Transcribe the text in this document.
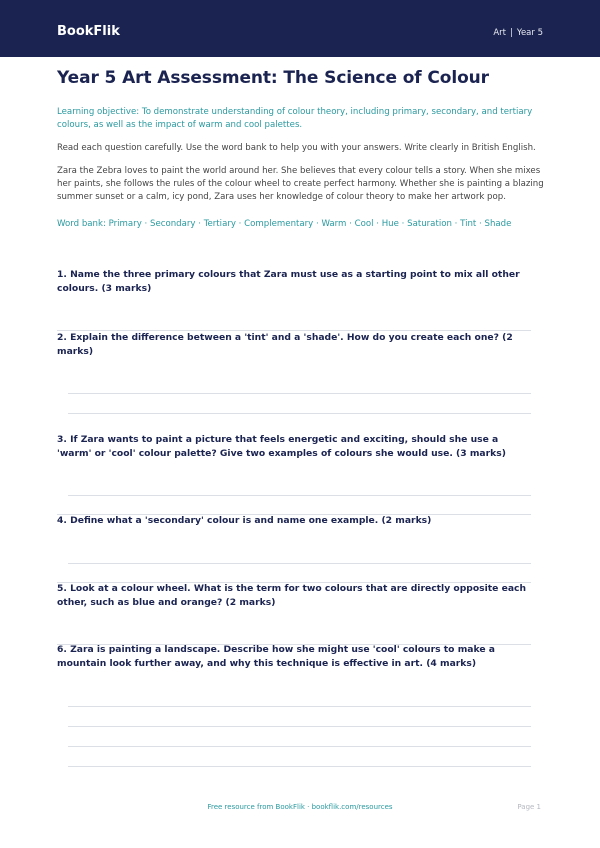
BookFlik	Art | Year 5
Year 5 Art Assessment: The Science of Colour
Learning objective: To demonstrate understanding of colour theory, including primary, secondary, and tertiary colours, as well as the impact of warm and cool palettes.
Read each question carefully. Use the word bank to help you with your answers. Write clearly in British English.
Zara the Zebra loves to paint the world around her. She believes that every colour tells a story. When she mixes her paints, she follows the rules of the colour wheel to create perfect harmony. Whether she is painting a blazing summer sunset or a calm, icy pond, Zara uses her knowledge of colour theory to make her artwork pop.
Word bank: Primary · Secondary · Tertiary · Complementary · Warm · Cool · Hue · Saturation · Tint · Shade
1. Name the three primary colours that Zara must use as a starting point to mix all other colours. (3 marks)
2. Explain the difference between a 'tint' and a 'shade'. How do you create each one? (2 marks)
3. If Zara wants to paint a picture that feels energetic and exciting, should she use a 'warm' or 'cool' colour palette? Give two examples of colours she would use. (3 marks)
4. Define what a 'secondary' colour is and name one example. (2 marks)
5. Look at a colour wheel. What is the term for two colours that are directly opposite each other, such as blue and orange? (2 marks)
6. Zara is painting a landscape. Describe how she might use 'cool' colours to make a mountain look further away, and why this technique is effective in art. (4 marks)
Free resource from BookFlik · bookflik.com/resources	Page 1
